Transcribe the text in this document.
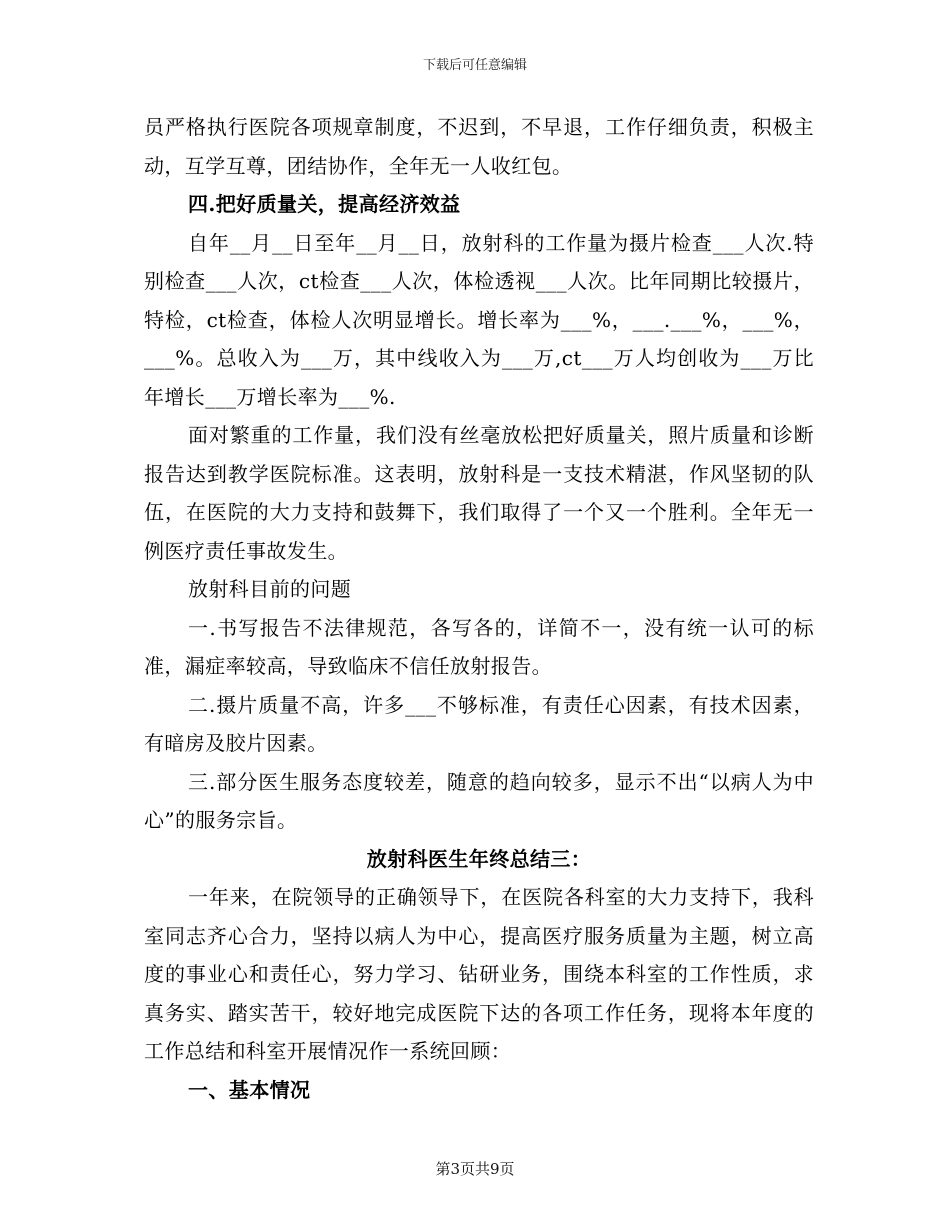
下载后可任意编辑

员严格执行医院各项规章制度，不迟到，不早退，工作仔细负责，积极主动，互学互尊，团结协作，全年无一人收红包。

四.把好质量关，提高经济效益

自年__月__日至年__月__日，放射科的工作量为摄片检查___人次.特别检查___人次，ct检查___人次，体检透视___人次。比年同期比较摄片，特检，ct检查，体检人次明显增长。增长率为___%，___.___%，___%，___%。总收入为___万，其中线收入为___万,ct___万人均创收为___万比年增长___万增长率为___%.

面对繁重的工作量，我们没有丝毫放松把好质量关，照片质量和诊断报告达到教学医院标准。这表明，放射科是一支技术精湛，作风坚韧的队伍，在医院的大力支持和鼓舞下，我们取得了一个又一个胜利。全年无一例医疗责任事故发生。

放射科目前的问题

一.书写报告不法律规范，各写各的，详简不一，没有统一认可的标准，漏症率较高，导致临床不信任放射报告。

二.摄片质量不高，许多___不够标准，有责任心因素，有技术因素，有暗房及胶片因素。

三.部分医生服务态度较差，随意的趋向较多，显示不出“以病人为中心”的服务宗旨。

放射科医生年终总结三：

一年来，在院领导的正确领导下，在医院各科室的大力支持下，我科室同志齐心合力，坚持以病人为中心，提高医疗服务质量为主题，树立高度的事业心和责任心，努力学习、钻研业务，围绕本科室的工作性质，求真务实、踏实苦干，较好地完成医院下达的各项工作任务，现将本年度的工作总结和科室开展情况作一系统回顾：

一、基本情况

第3页共9页
